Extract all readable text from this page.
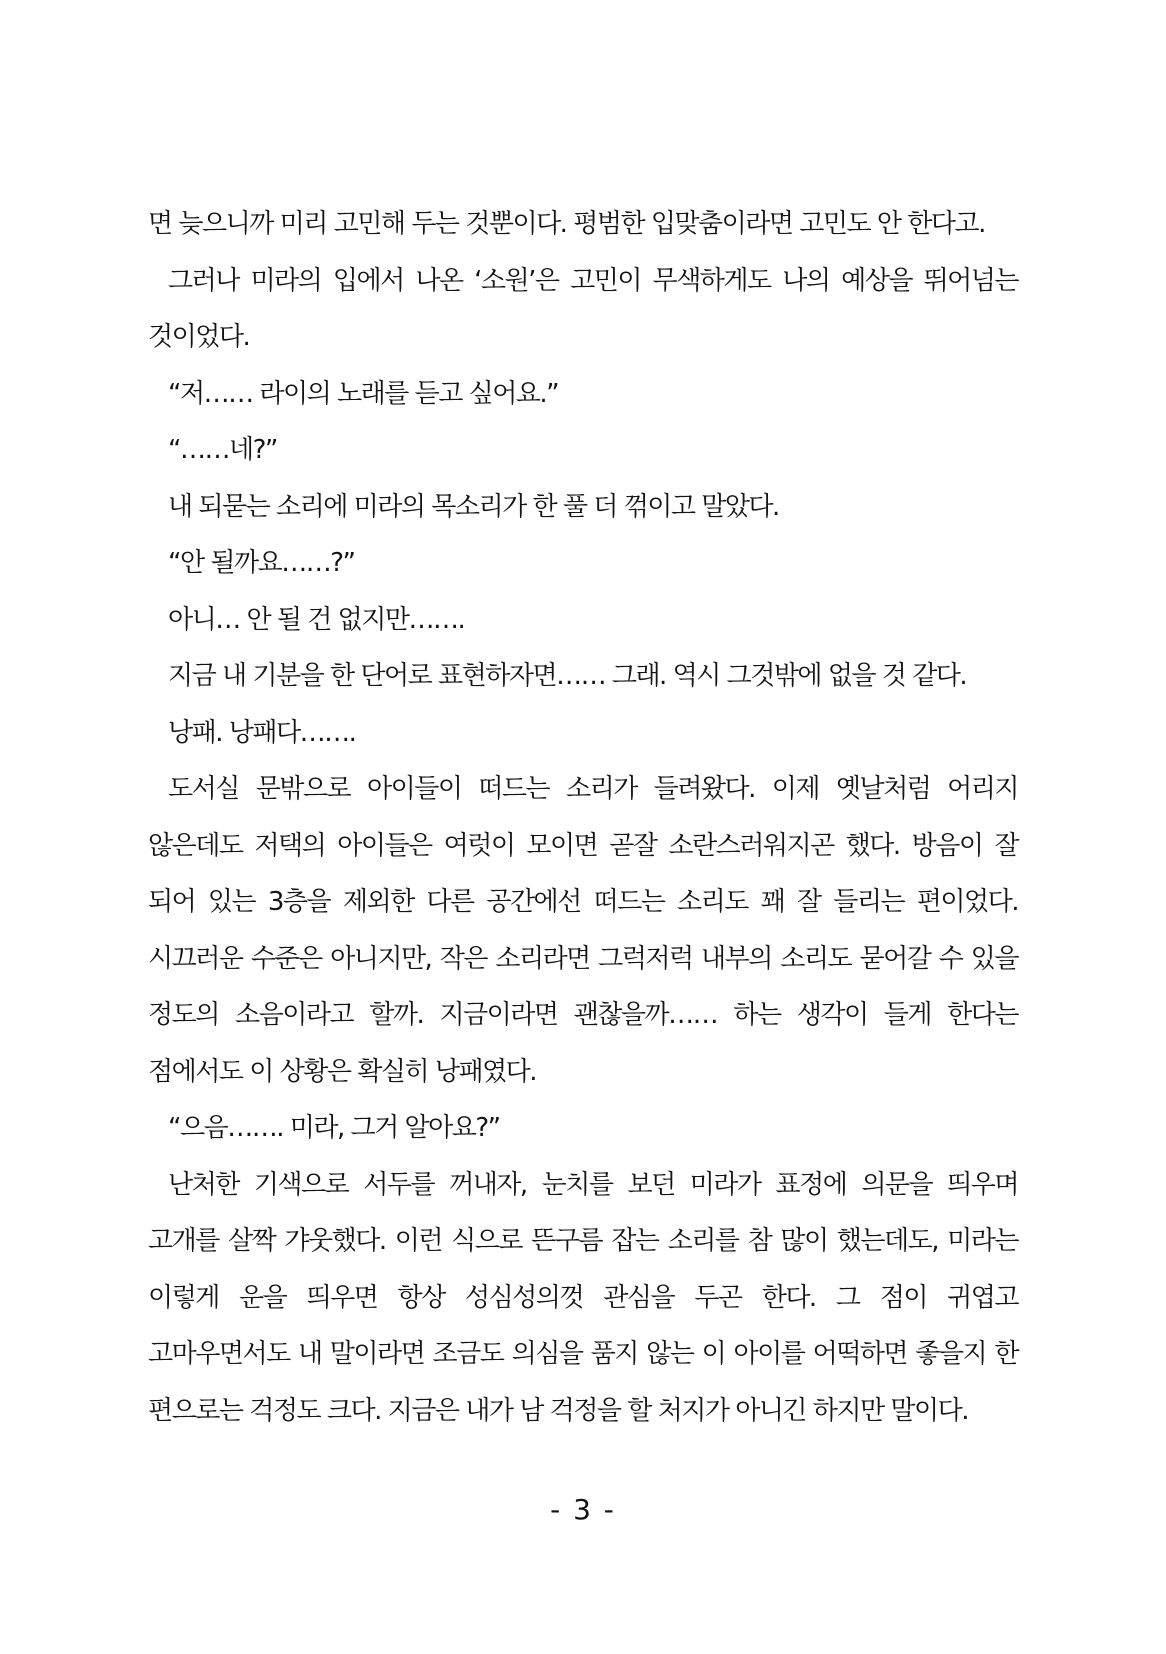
면 늦으니까 미리 고민해 두는 것뿐이다. 평범한 입맞춤이라면 고민도 안 한다고.
그러나 미라의 입에서 나온 ‘소원’은 고민이 무색하게도 나의 예상을 뛰어넘는 것이었다.
“저…… 라이의 노래를 듣고 싶어요.”
“……네?”
내 되묻는 소리에 미라의 목소리가 한 풀 더 꺾이고 말았다.
“안 될까요……?”
아니… 안 될 건 없지만…….
지금 내 기분을 한 단어로 표현하자면…… 그래. 역시 그것밖에 없을 것 같다.
낭패. 낭패다…….
도서실 문밖으로 아이들이 떠드는 소리가 들려왔다. 이제 옛날처럼 어리지 않은데도 저택의 아이들은 여럿이 모이면 곧잘 소란스러워지곤 했다. 방음이 잘 되어 있는 3층을 제외한 다른 공간에선 떠드는 소리도 꽤 잘 들리는 편이었다. 시끄러운 수준은 아니지만, 작은 소리라면 그럭저럭 내부의 소리도 묻어갈 수 있을 정도의 소음이라고 할까. 지금이라면 괜찮을까…… 하는 생각이 들게 한다는 점에서도 이 상황은 확실히 낭패였다.
“으음……. 미라, 그거 알아요?”
난처한 기색으로 서두를 꺼내자, 눈치를 보던 미라가 표정에 의문을 띄우며 고개를 살짝 갸웃했다. 이런 식으로 뜬구름 잡는 소리를 참 많이 했는데도, 미라는 이렇게 운을 띄우면 항상 성심성의껏 관심을 두곤 한다. 그 점이 귀엽고 고마우면서도 내 말이라면 조금도 의심을 품지 않는 이 아이를 어떡하면 좋을지 한 편으로는 걱정도 크다. 지금은 내가 남 걱정을 할 처지가 아니긴 하지만 말이다.
- 3 -
